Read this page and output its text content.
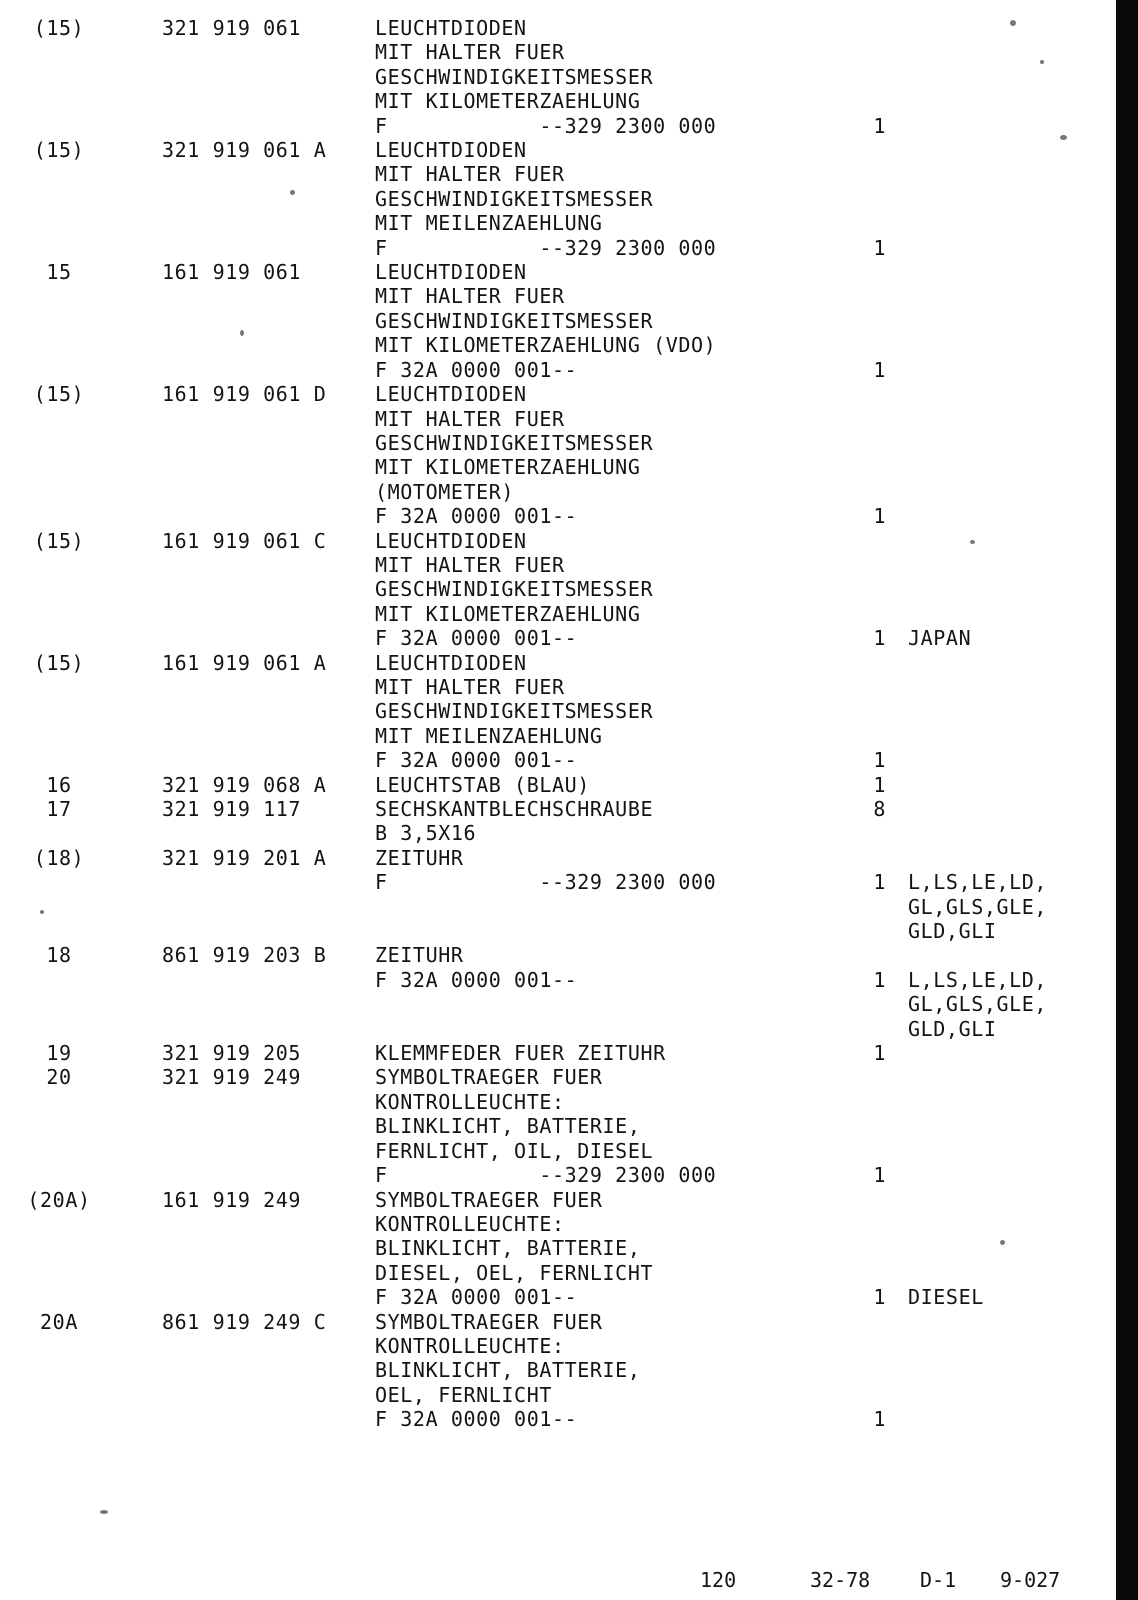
(15)	321 919 061	LEUCHTDIODEN
MIT HALTER FUER
GESCHWINDIGKEITSMESSER
MIT KILOMETERZAEHLUNG
F            --329 2300 000	1
(15)	321 919 061 A	LEUCHTDIODEN
MIT HALTER FUER
GESCHWINDIGKEITSMESSER
MIT MEILENZAEHLUNG
F            --329 2300 000	1
15	161 919 061	LEUCHTDIODEN
MIT HALTER FUER
GESCHWINDIGKEITSMESSER
MIT KILOMETERZAEHLUNG (VDO)
F 32A 0000 001--	1
(15)	161 919 061 D	LEUCHTDIODEN
MIT HALTER FUER
GESCHWINDIGKEITSMESSER
MIT KILOMETERZAEHLUNG
(MOTOMETER)
F 32A 0000 001--	1
(15)	161 919 061 C	LEUCHTDIODEN
MIT HALTER FUER
GESCHWINDIGKEITSMESSER
MIT KILOMETERZAEHLUNG
F 32A 0000 001--	1	JAPAN
(15)	161 919 061 A	LEUCHTDIODEN
MIT HALTER FUER
GESCHWINDIGKEITSMESSER
MIT MEILENZAEHLUNG
F 32A 0000 001--	1
16	321 919 068 A	LEUCHTSTAB (BLAU)	1
17	321 919 117	SECHSKANTBLECHSCHRAUBE	8
B 3,5X16
(18)	321 919 201 A	ZEITUHR
F            --329 2300 000	1	L,LS,LE,LD,
GL,GLS,GLE,
GLD,GLI
18	861 919 203 B	ZEITUHR
F 32A 0000 001--	1	L,LS,LE,LD,
GL,GLS,GLE,
GLD,GLI
19	321 919 205	KLEMMFEDER FUER ZEITUHR	1
20	321 919 249	SYMBOLTRAEGER FUER
KONTROLLEUCHTE:
BLINKLICHT, BATTERIE,
FERNLICHT, OIL, DIESEL
F            --329 2300 000	1
(20A)	161 919 249	SYMBOLTRAEGER FUER
KONTROLLEUCHTE:
BLINKLICHT, BATTERIE,
DIESEL, OEL, FERNLICHT
F 32A 0000 001--	1	DIESEL
20A	861 919 249 C	SYMBOLTRAEGER FUER
KONTROLLEUCHTE:
BLINKLICHT, BATTERIE,
OEL, FERNLICHT
F 32A 0000 001--	1
120	32-78	D-1	9-027
